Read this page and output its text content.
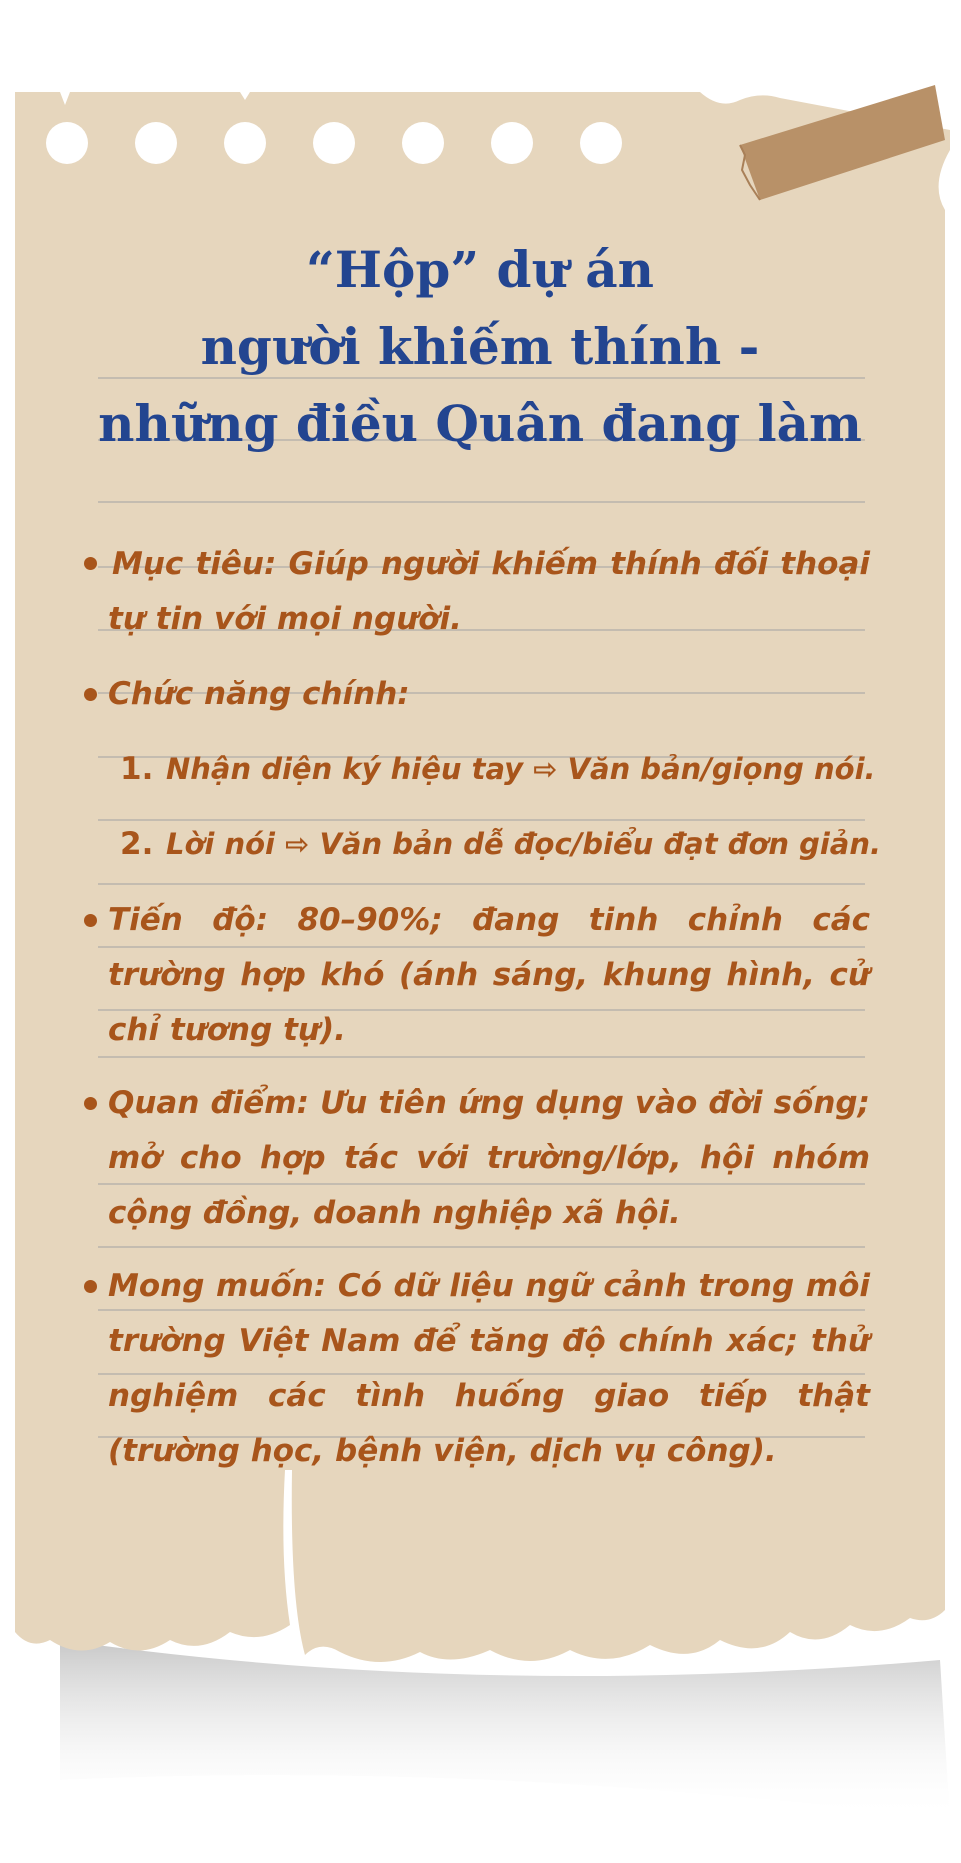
“Hộp” dự án
người khiếm thính -
những điều Quân đang làm
Mục tiêu: Giúp người khiếm thính đối thoại tự tin với mọi người.
Chức năng chính:
1. Nhận diện ký hiệu tay ⇨ Văn bản/giọng nói.
2. Lời nói ⇨ Văn bản dễ đọc/biểu đạt đơn giản.
Tiến độ: 80–90%; đang tinh chỉnh các trường hợp khó (ánh sáng, khung hình, cử chỉ tương tự).
Quan điểm: Ưu tiên ứng dụng vào đời sống; mở cho hợp tác với trường/lớp, hội nhóm cộng đồng, doanh nghiệp xã hội.
Mong muốn: Có dữ liệu ngữ cảnh trong môi trường Việt Nam để tăng độ chính xác; thử nghiệm các tình huống giao tiếp thật (trường học, bệnh viện, dịch vụ công).
